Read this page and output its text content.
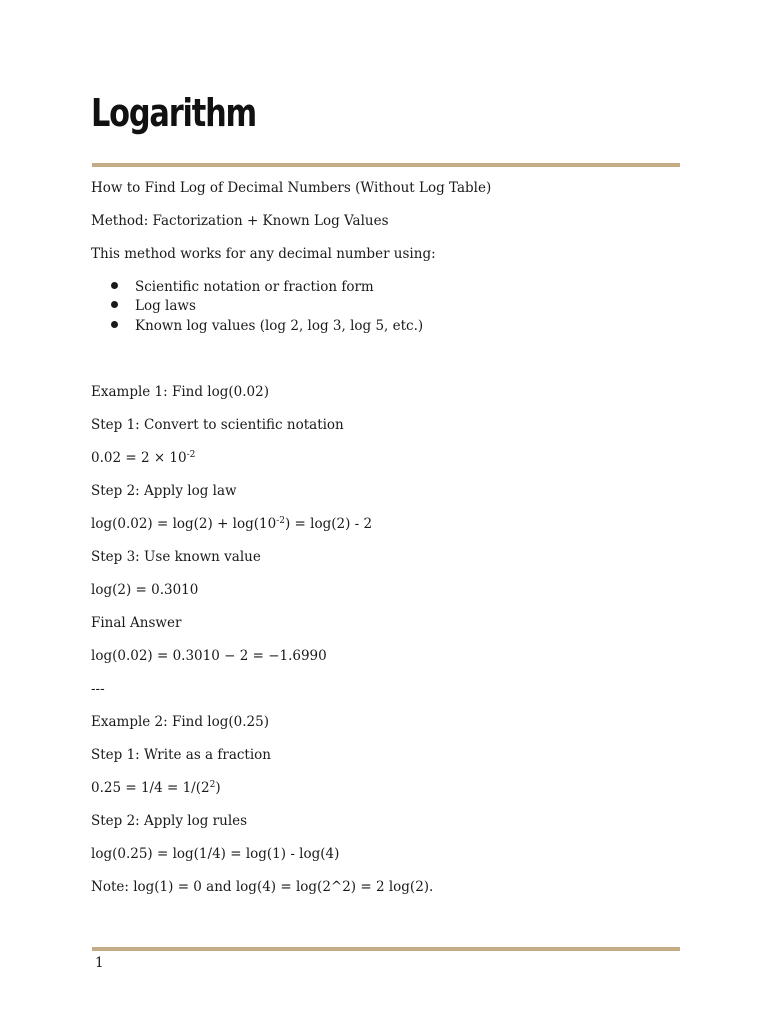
Logarithm
How to Find Log of Decimal Numbers (Without Log Table)
Method: Factorization + Known Log Values
This method works for any decimal number using:
Scientific notation or fraction form
Log laws
Known log values (log 2, log 3, log 5, etc.)
Example 1: Find log(0.02)
Step 1: Convert to scientific notation
$0.02 = 2 \times 10^{-2}$
Step 2: Apply log law
$\log(0.02) = \log(2) + \log(10^{-2}) = \log(2) - 2$
Step 3: Use known value
log(2) = 0.3010
Final Answer
log(0.02) = 0.3010 − 2 = −1.6990
---
Example 2: Find log(0.25)
Step 1: Write as a fraction
$0.25 = 1/4 = 1/(2^2)$
Step 2: Apply log rules
log(0.25) = log(1/4) = log(1) - log(4)
Note: log(1) = 0 and log(4) = log(2^2) = 2 log(2).
1
